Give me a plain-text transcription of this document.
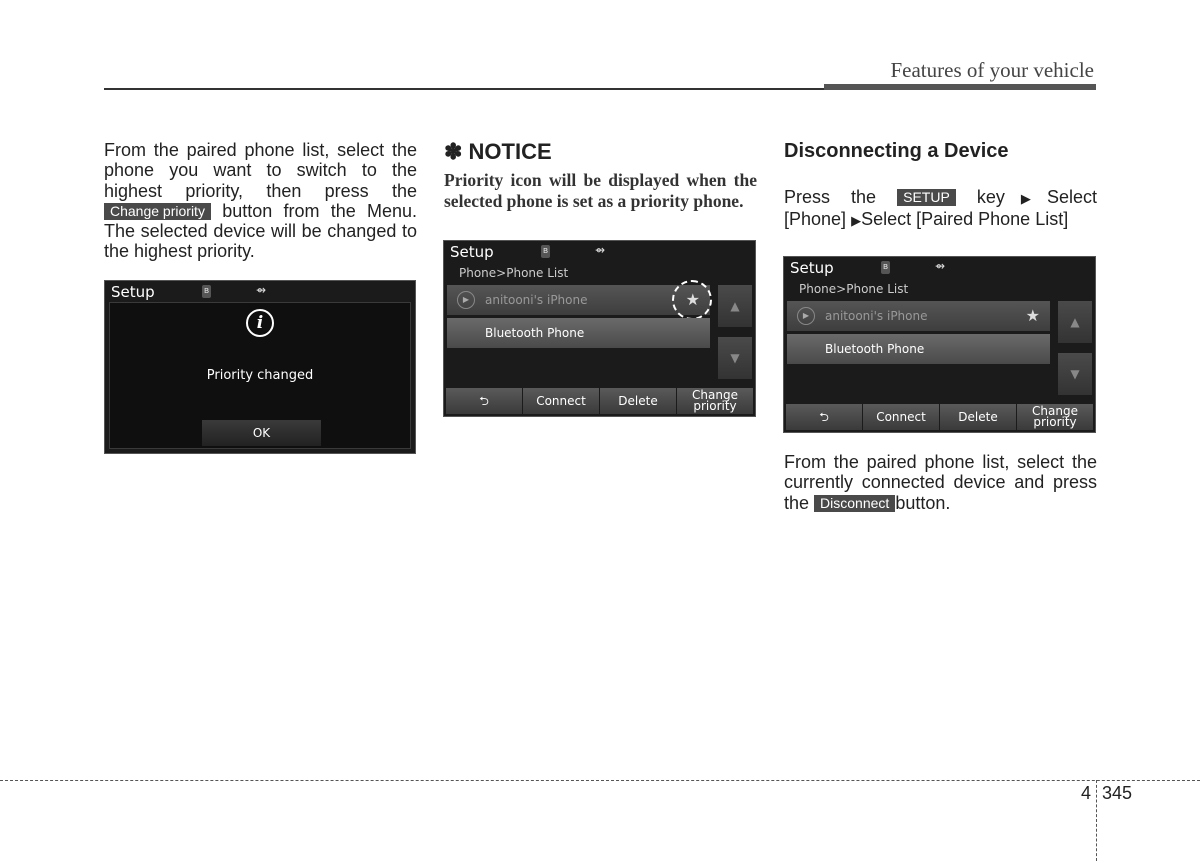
Features of your vehicle
From the paired phone list, select the phone you want to switch to the highest priority, then press the Change priority button from the Menu. The selected device will be changed to the highest priority.
Setup	ʙ	⇴
i
Priority changed
OK
✽ NOTICE
Priority icon will be displayed when the selected phone is set as a priority phone.
Setup	ʙ	⇴
Phone>Phone List
▶	anitooni's iPhone	★
Bluetooth Phone
▲
▼
⮌	Connect	Delete	Change
priority
Disconnecting a Device
Press the SETUP key▶Select
[Phone] ▶Select [Paired Phone List]
Setup	ʙ	⇴
Phone>Phone List
▶	anitooni's iPhone	★
Bluetooth Phone
▲
▼
⮌	Connect	Delete	Change
priority
From the paired phone list, select the currently connected device and press the Disconnect button.
4 345
